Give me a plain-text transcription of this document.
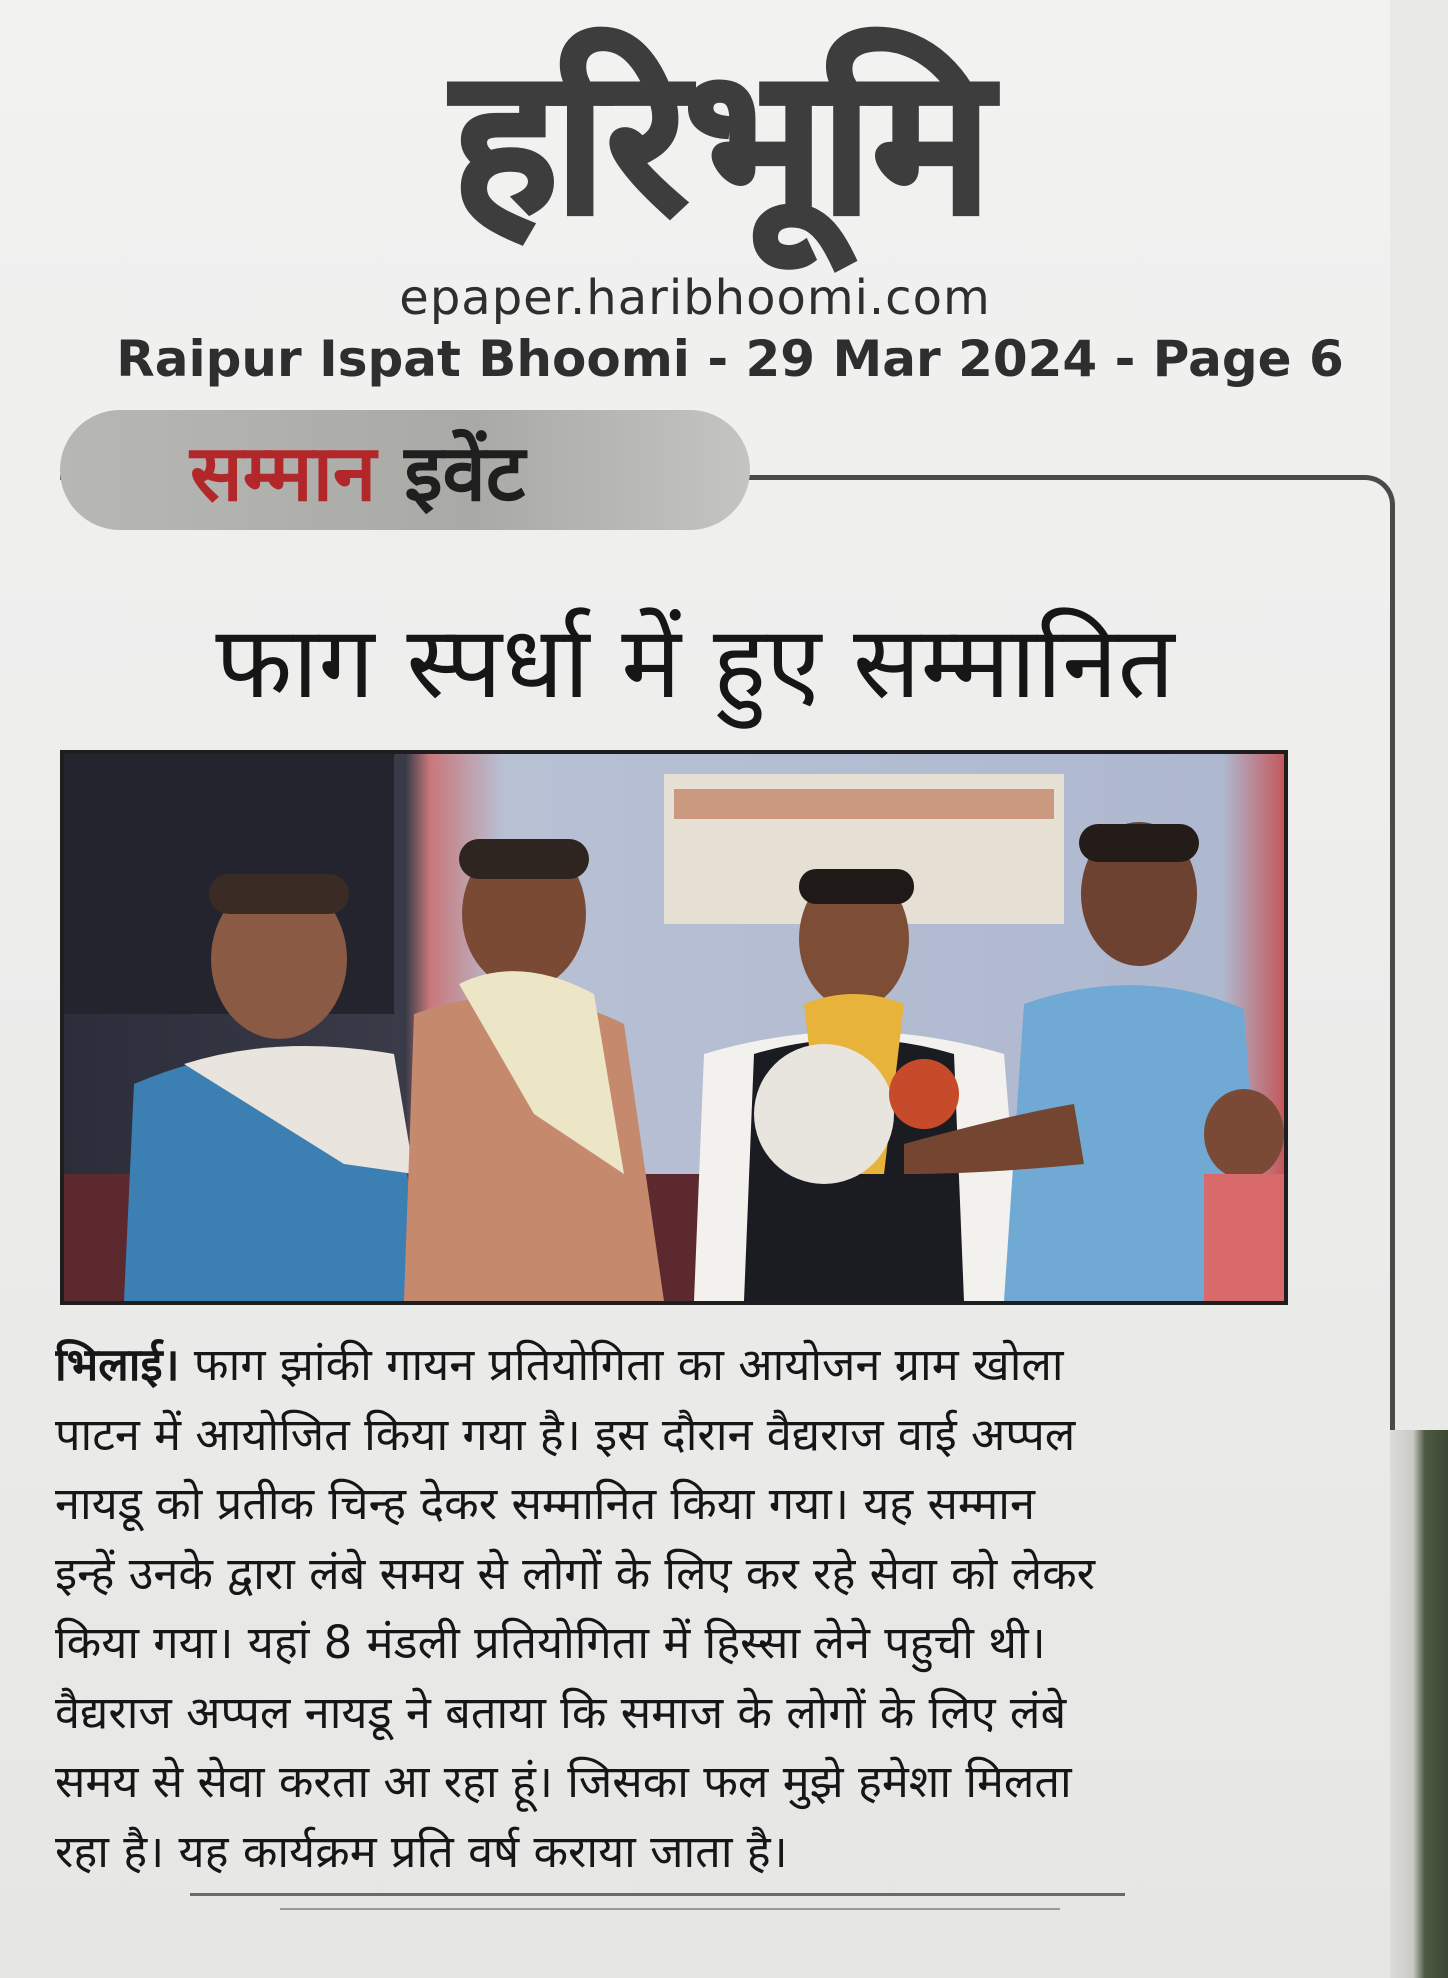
हरिभूमि
epaper.haribhoomi.com
Raipur Ispat Bhoomi - 29 Mar 2024 - Page 6
सम्मान इवेंट
फाग स्पर्धा में हुए सम्मानित
भिलाई। फाग झांकी गायन प्रतियोगिता का आयोजन ग्राम खोला
पाटन में आयोजित किया गया है। इस दौरान वैद्यराज वाई अप्पल
नायडू को प्रतीक चिन्ह देकर सम्मानित किया गया। यह सम्मान
इन्हें उनके द्वारा लंबे समय से लोगों के लिए कर रहे सेवा को लेकर
किया गया। यहां 8 मंडली प्रतियोगिता में हिस्सा लेने पहुची थी।
वैद्यराज अप्पल नायडू ने बताया कि समाज के लोगों के लिए लंबे
समय से सेवा करता आ रहा हूं। जिसका फल मुझे हमेशा मिलता
रहा है। यह कार्यक्रम प्रति वर्ष कराया जाता है।
